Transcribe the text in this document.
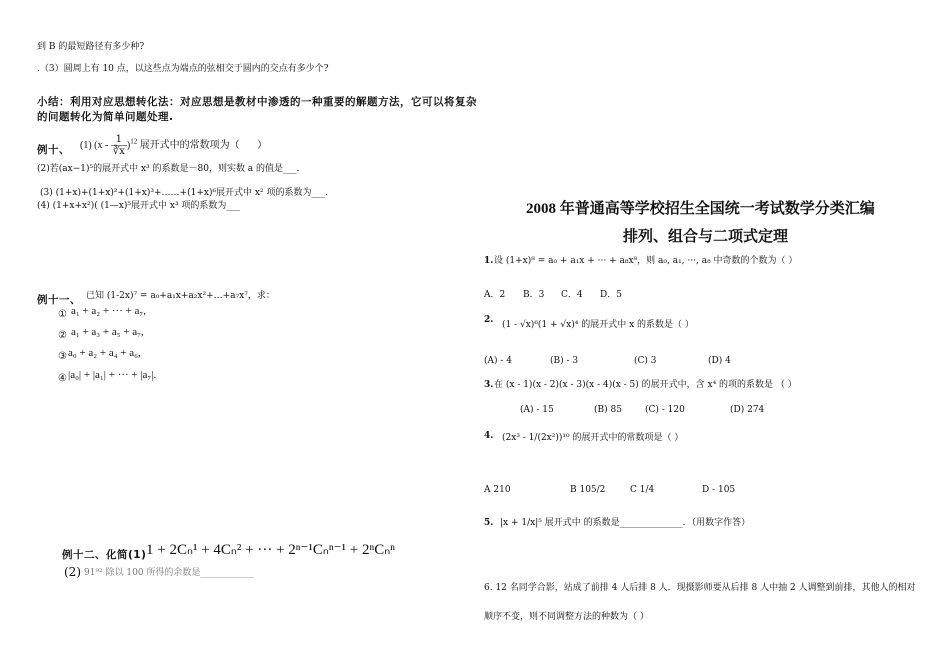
到 B 的最短路径有多少种?
.（3）圆周上有 10 点，以这些点为端点的弦相交于圆内的交点有多少个?
小结：利用对应思想转化法：对应思想是教材中渗透的一种重要的解题方法，它可以将复杂
的问题转化为简单问题处理.
例十、 (1) $(x - \frac{1}{∛x} )^{12}$ 展开式中的常数项为（       ）
(2)若(ax−1)⁵的展开式中 x³ 的系数是－80，则实数 a 的值是___.
(3) (1+x)+(1+x)²+(1+x)³+……+(1+x)⁶展开式中 x² 项的系数为___.
(4) (1+x+x²)( (1—x)⁵展开式中 x³ 项的系数为___
例十一、 已知 (1-2x)⁷ = a₀+a₁x+a₂x²+…+a₇x⁷，求：
① a₁ + a₂ + ··· + a₇,
② a₁ + a₃ + a₅ + a₇,
③ a₀ + a₂ + a₄ + a₆,
④ |a₀| + |a₁| + ··· + |a₇|.
例十二、化简(1) 1 + 2Cₙ¹ + 4Cₙ² + ··· + 2ⁿ⁻¹Cₙⁿ⁻¹ + 2ⁿCₙⁿ
(2) 91⁹² 除以 100 所得的余数是____________
2008 年普通高等学校招生全国统一考试数学分类汇编
排列、组合与二项式定理
1. 设 (1+x)⁸ = a₀ + a₁x + ··· + a₈x⁸，则 a₀, a₁, ···, a₈ 中奇数的个数为（ ）
A．2 B．3 C．4 D．5
2. (1 - √x)⁶(1 + √x)⁴ 的展开式中 x 的系数是（ ）
(A) - 4	(B) - 3	(C) 3	(D) 4
3. 在 (x - 1)(x - 2)(x - 3)(x - 4)(x - 5) 的展开式中，含 x⁴ 的项的系数是 （ ）
(A) - 15	(B) 85	(C) - 120	(D) 274
4. (2x³ - 1/(2x²))¹⁰ 的展开式中的常数项是（ ）
A 210	B 105/2	C 1/4	D - 105
5. |x + 1/x|⁵ 展开式中 的系数是______________．（用数字作答）
6. 12 名同学合影，站成了前排 4 人后排 8 人．现摄影师要从后排 8 人中抽 2 人调整到前排，其他人的相对
顺序不变，则不同调整方法的种数为（ ）
